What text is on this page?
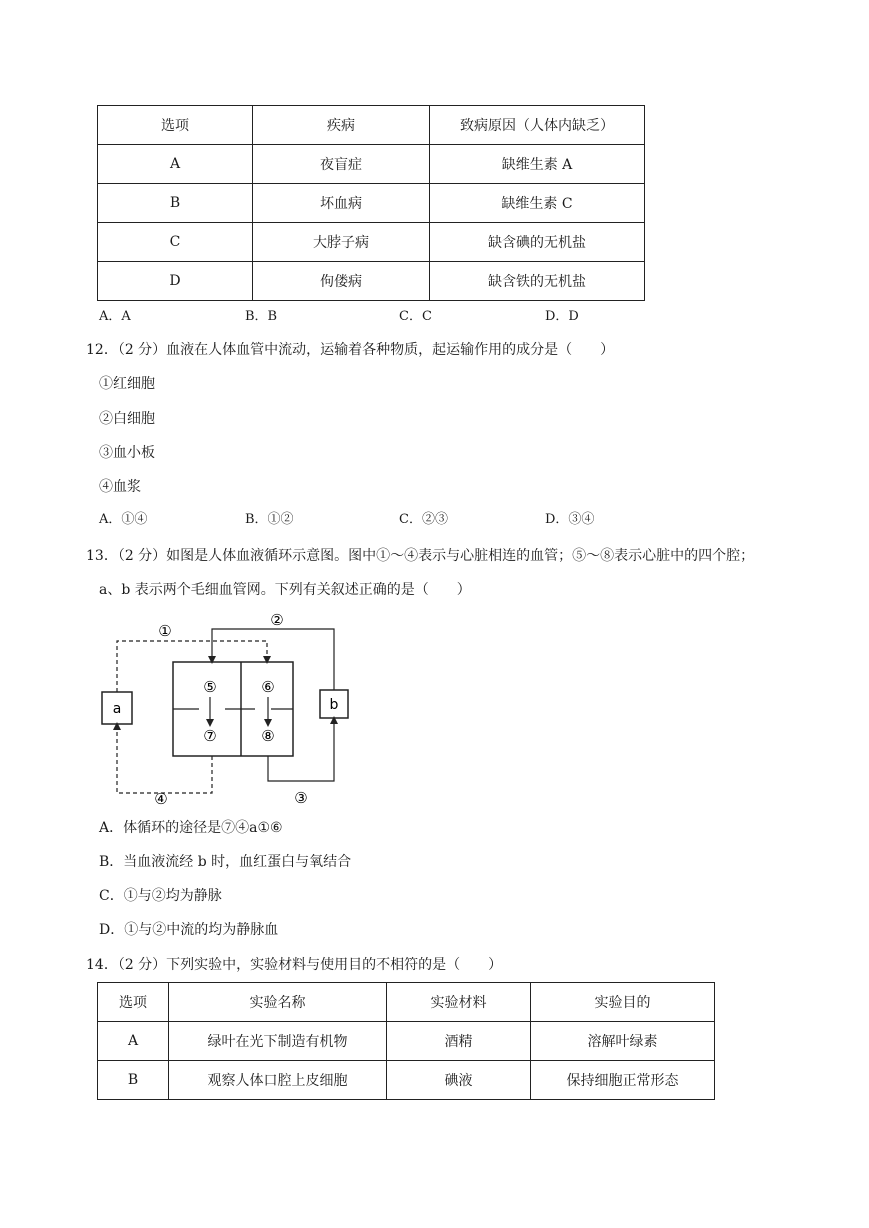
选项	疾病	致病原因（人体内缺乏）
A	夜盲症	缺维生素 A
B	坏血病	缺维生素 C
C	大脖子病	缺含碘的无机盐
D	佝偻病	缺含铁的无机盐
A．A	B．B	C．C	D．D
12．（2 分）血液在人体血管中流动，运输着各种物质，起运输作用的成分是（　　）
①红细胞
②白细胞
③血小板
④血浆
A．①④	B．①②	C．②③	D．③④
13．（2 分）如图是人体血液循环示意图。图中①～④表示与心脏相连的血管；⑤～⑧表示心脏中的四个腔；
a、b 表示两个毛细血管网。下列有关叙述正确的是（　　）
a	b
⑤	⑥
⑦	⑧
①
②
③
④
A．体循环的途径是⑦④a①⑥
B．当血液流经 b 时，血红蛋白与氧结合
C．①与②均为静脉
D．①与②中流的均为静脉血
14．（2 分）下列实验中，实验材料与使用目的不相符的是（　　）
选项	实验名称	实验材料	实验目的
A	绿叶在光下制造有机物	酒精	溶解叶绿素
B	观察人体口腔上皮细胞	碘液	保持细胞正常形态
